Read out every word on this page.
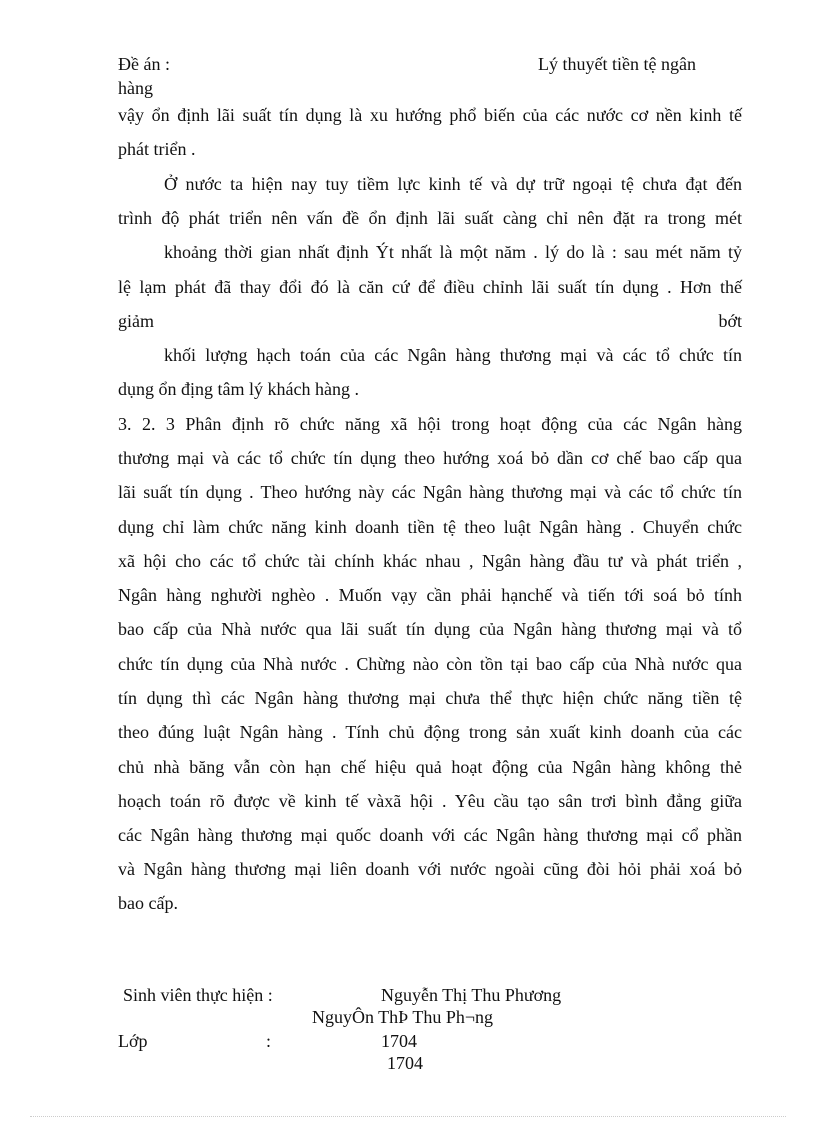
Đề án :
hàng
Lý thuyết tiền tệ ngân
vậy ổn định lãi suất tín dụng là xu hướng phổ biến của các nước cơ nền kinh tế
phát triển .
Ở nước ta hiện nay tuy tiềm lực kinh tế và dự trữ ngoại tệ chưa đạt đến
trình độ phát triển nên vấn đề ổn định lãi suất càng chỉ nên đặt ra trong mét
khoảng thời gian nhất định Ýt nhất là một năm . lý do là : sau mét năm tỷ
lệ lạm phát đã thay đổi đó là căn cứ để điều chỉnh lãi suất tín dụng . Hơn thế
giảm	bớt
khối lượng hạch toán của các Ngân hàng thương mại và các tổ chức tín
dụng ổn địng tâm lý khách hàng .
3. 2. 3 Phân định rõ chức năng xã hội trong hoạt động của các Ngân hàng
thương mại và các tổ chức tín dụng theo hướng xoá bỏ dần cơ chế bao cấp qua
lãi suất tín dụng . Theo hướng này các Ngân hàng thương mại và các tổ chức tín
dụng chỉ làm chức năng kinh doanh tiền tệ theo luật Ngân hàng . Chuyển chức
xã hội cho các tổ chức tài chính khác nhau , Ngân hàng đầu tư và phát triển ,
Ngân hàng nghười nghèo . Muốn vạy cần phải hạnchế và tiến tới soá bỏ tính
bao cấp của Nhà nước qua lãi suất tín dụng của Ngân hàng thương mại và tổ
chức tín dụng của Nhà nước . Chừng nào còn tồn tại bao cấp của Nhà nước qua
tín dụng thì các Ngân hàng thương mại chưa thể thực hiện chức năng tiền tệ
theo đúng luật Ngân hàng . Tính chủ động trong sản xuất kinh doanh của các
chủ nhà băng vẫn còn hạn chế hiệu quả hoạt động của Ngân hàng không thẻ
hoạch toán rõ được về kinh tế vàxã hội . Yêu cầu tạo sân trơi bình đẳng giữa
các Ngân hàng thương mại quốc doanh với các Ngân hàng thương mại cổ phần
và Ngân hàng thương mại liên doanh với nước ngoài cũng đòi hỏi phải xoá bỏ
bao cấp.
Sinh viên thực hiện :	Nguyễn Thị Thu Phương
NguyÔn ThÞ Thu Ph¬ng
Lớp	:	1704
1704
